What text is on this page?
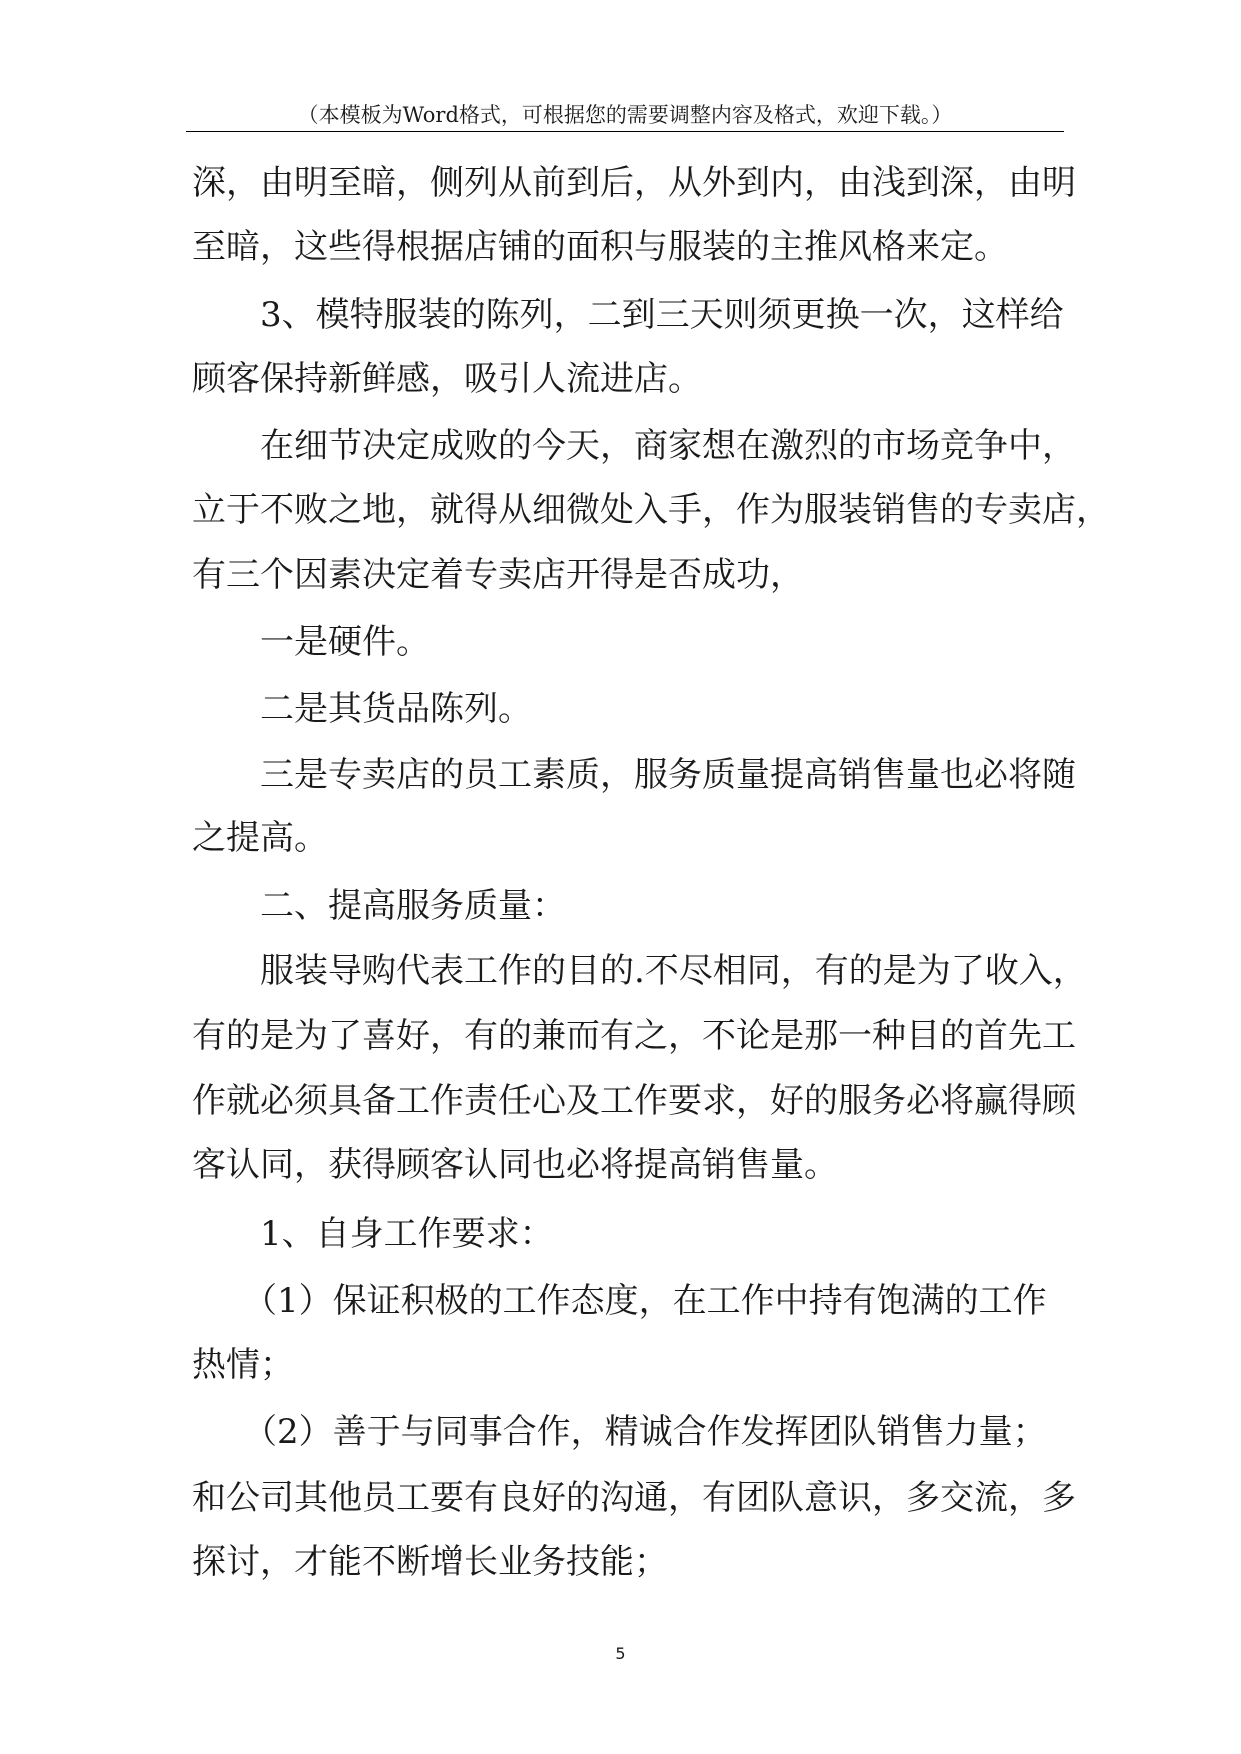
（本模板为Word格式，可根据您的需要调整内容及格式，欢迎下载。）
深，由明至暗，侧列从前到后，从外到内，由浅到深，由明
至暗，这些得根据店铺的面积与服装的主推风格来定。
　　3、模特服装的陈列，二到三天则须更换一次，这样给
顾客保持新鲜感，吸引人流进店。
　　在细节决定成败的今天，商家想在激烈的市场竞争中，
立于不败之地，就得从细微处入手，作为服装销售的专卖店，
有三个因素决定着专卖店开得是否成功，
　　一是硬件。
　　二是其货品陈列。
　　三是专卖店的员工素质，服务质量提高销售量也必将随
之提高。
　　二、提高服务质量：
　　服装导购代表工作的目的.不尽相同，有的是为了收入，
有的是为了喜好，有的兼而有之，不论是那一种目的首先工
作就必须具备工作责任心及工作要求，好的服务必将赢得顾
客认同，获得顾客认同也必将提高销售量。
　　1、自身工作要求：
　　（1）保证积极的工作态度，在工作中持有饱满的工作
热情；
　　（2）善于与同事合作，精诚合作发挥团队销售力量；
和公司其他员工要有良好的沟通，有团队意识，多交流，多
探讨，才能不断增长业务技能；
5
